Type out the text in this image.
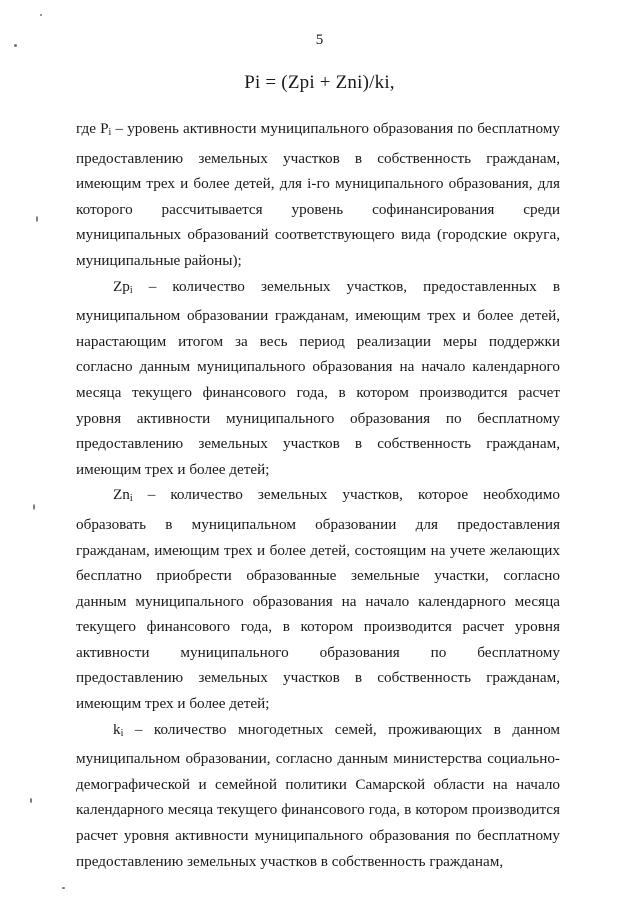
5
Pi = (Zpi + Zni)/ki,

где $P_i$ – уровень активности муниципального образования по бесплатному предоставлению земельных участков в собственность гражданам, имеющим трех и более детей, для i-го муниципального образования, для которого рассчитывается уровень софинансирования среди муниципальных образований соответствующего вида (городские округа, муниципальные районы);

$Zp_i$ – количество земельных участков, предоставленных в муниципальном образовании гражданам, имеющим трех и более детей, нарастающим итогом за весь период реализации меры поддержки согласно данным муниципального образования на начало календарного месяца текущего финансового года, в котором производится расчет уровня активности муниципального образования по бесплатному предоставлению земельных участков в собственность гражданам, имеющим трех и более детей;

$Zn_i$ – количество земельных участков, которое необходимо образовать в муниципальном образовании для предоставления гражданам, имеющим трех и более детей, состоящим на учете желающих бесплатно приобрести образованные земельные участки, согласно данным муниципального образования на начало календарного месяца текущего финансового года, в котором производится расчет уровня активности муниципального образования по бесплатному предоставлению земельных участков в собственность гражданам, имеющим трех и более детей;

$k_i$ – количество многодетных семей, проживающих в данном муниципальном образовании, согласно данным министерства социально-демографической и семейной политики Самарской области на начало календарного месяца текущего финансового года, в котором производится расчет уровня активности муниципального образования по бесплатному предоставлению земельных участков в собственность гражданам,
